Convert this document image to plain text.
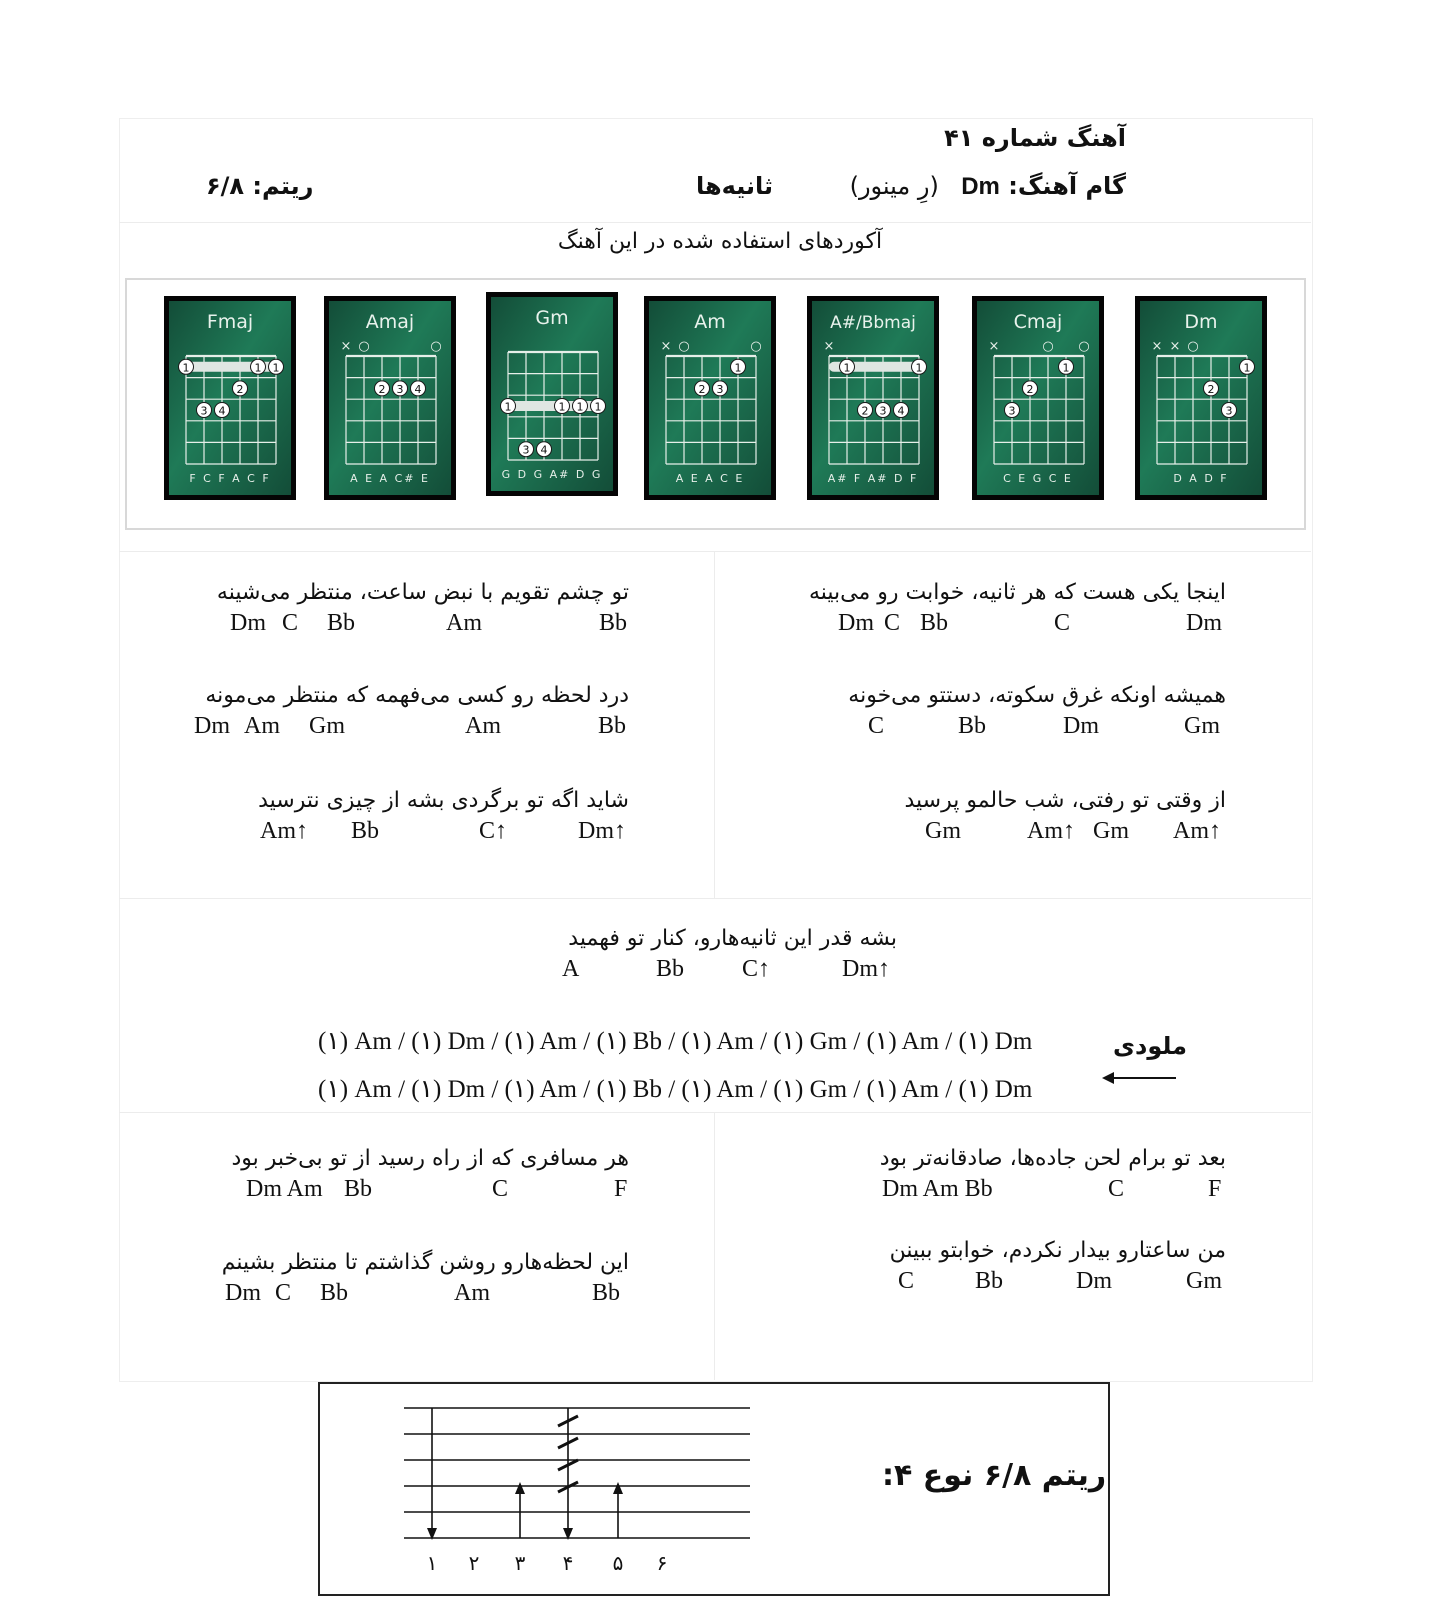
آهنگ شماره ۴۱
گام آهنگ: Dm (رِ مینور)
ثانیه‌ها
ریتم: ۶/۸
آکوردهای استفاده شده در این آهنگ
Fmaj
1	1 1
2
3 4
F C F A C F
Amaj
× ○	○
2 3 4
A E A C# E
Gm
1	1 1 1
3 4
G D G A# D G
Am
× ○	○
1
2 3
A E A C E
A#/Bbmaj
×
1	1
2 3 4
A# F A# D F
Cmaj
×	○ ○
1
2
3
C E G C E
Dm
× × ○
1
2
3
D A D F
اینجا یکی هست که هر ثانیه، خوابت رو می‌بینه
Dm C Bb	C	Dm
همیشه اونکه غرق سکوته، دستتو می‌خونه
C	Bb	Dm	Gm
از وقتی تو رفتی، شب حالمو پرسید
Gm	Am↑ Gm Am↑
تو چشم تقویم با نبض ساعت، منتظر می‌شینه
Dm C Bb	Am	Bb
درد لحظه رو کسی می‌فهمه که منتظر می‌مونه
Dm Am Gm	Am	Bb
شاید اگه تو برگردی بشه از چیزی نترسید
Am↑ Bb	C↑	Dm↑
بشه قدر این ثانیه‌هارو، کنار تو فهمید
A	Bb C↑	Dm↑
بعد تو برام لحن جاده‌ها، صادقانه‌تر بود
Dm Am Bb	C	F
من ساعتارو بیدار نکردم، خوابتو ببینن
C	Bb	Dm	Gm
هر مسافری که از راه رسید از تو بی‌خبر بود
Dm Am Bb	C	F
این لحظه‌هارو روشن گذاشتم تا منتظر بشینم
Dm C Bb	Am	Bb
ملودی
(۱) Am / (۱) Dm / (۱) Am / (۱) Bb / (۱) Am / (۱) Gm / (۱) Am / (۱) Dm
(۱) Am / (۱) Dm / (۱) Am / (۱) Bb / (۱) Am / (۱) Gm / (۱) Am / (۱) Dm
ریتم ۶/۸ نوع ۴:
۱ ۲ ۳ ۴ ۵ ۶
